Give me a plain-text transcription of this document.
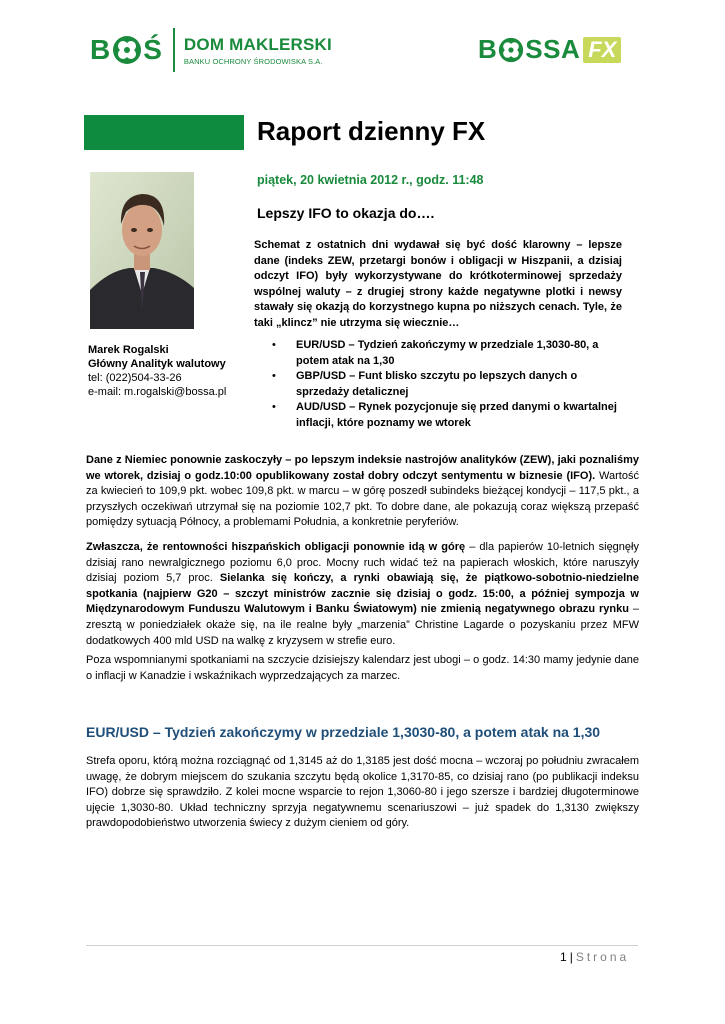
B Ś DOM MAKLERSKI
BANKU OCHRONY ŚRODOWISKA S.A.	B SSA FX
Raport dzienny FX
piątek, 20 kwietnia 2012 r., godz. 11:48
Lepszy IFO to okazja do….
Marek Rogalski
Główny Analityk walutowy
tel: (022)504-33-26
e-mail: m.rogalski@bossa.pl
Schemat z ostatnich dni wydawał się być dość klarowny – lepsze dane (indeks ZEW, przetargi bonów i obligacji w Hiszpanii, a dzisiaj odczyt IFO) były wykorzystywane do krótkoterminowej sprzedaży wspólnej waluty – z drugiej strony każde negatywne plotki i newsy stawały się okazją do korzystnego kupna po niższych cenach. Tyle, że taki „klincz” nie utrzyma się wiecznie…
• EUR/USD – Tydzień zakończymy w przedziale 1,3030-80, a potem atak na 1,30
• GBP/USD – Funt blisko szczytu po lepszych danych o sprzedaży detalicznej
• AUD/USD – Rynek pozycjonuje się przed danymi o kwartalnej inflacji, które poznamy we wtorek
Dane z Niemiec ponownie zaskoczyły – po lepszym indeksie nastrojów analityków (ZEW), jaki poznaliśmy we wtorek, dzisiaj o godz.10:00 opublikowany został dobry odczyt sentymentu w biznesie (IFO). Wartość za kwiecień to 109,9 pkt. wobec 109,8 pkt. w marcu – w górę poszedł subindeks bieżącej kondycji – 117,5 pkt., a przyszłych oczekiwań utrzymał się na poziomie 102,7 pkt. To dobre dane, ale pokazują coraz większą przepaść pomiędzy sytuacją Północy, a problemami Południa, a konkretnie peryferiów.
Zwłaszcza, że rentowności hiszpańskich obligacji ponownie idą w górę – dla papierów 10-letnich sięgnęły dzisiaj rano newralgicznego poziomu 6,0 proc. Mocny ruch widać też na papierach włoskich, które naruszyły dzisiaj poziom 5,7 proc. Sielanka się kończy, a rynki obawiają się, że piątkowo-sobotnio-niedzielne spotkania (najpierw G20 – szczyt ministrów zacznie się dzisiaj o godz. 15:00, a później sympozja w Międzynarodowym Funduszu Walutowym i Banku Światowym) nie zmienią negatywnego obrazu rynku – zresztą w poniedziałek okaże się, na ile realne były „marzenia” Christine Lagarde o pozyskaniu przez MFW dodatkowych 400 mld USD na walkę z kryzysem w strefie euro.
Poza wspomnianymi spotkaniami na szczycie dzisiejszy kalendarz jest ubogi – o godz. 14:30 mamy jedynie dane o inflacji w Kanadzie i wskaźnikach wyprzedzających za marzec.
EUR/USD – Tydzień zakończymy w przedziale 1,3030-80, a potem atak na 1,30
Strefa oporu, którą można rozciągnąć od 1,3145 aż do 1,3185 jest dość mocna – wczoraj po południu zwracałem uwagę, że dobrym miejscem do szukania szczytu będą okolice 1,3170-85, co dzisiaj rano (po publikacji indeksu IFO) dobrze się sprawdziło. Z kolei mocne wsparcie to rejon 1,3060-80 i jego szersze i bardziej długoterminowe ujęcie 1,3030-80. Układ techniczny sprzyja negatywnemu scenariuszowi – już spadek do 1,3130 zwiększy prawdopodobieństwo utworzenia świecy z dużym cieniem od góry.
1 | Strona
